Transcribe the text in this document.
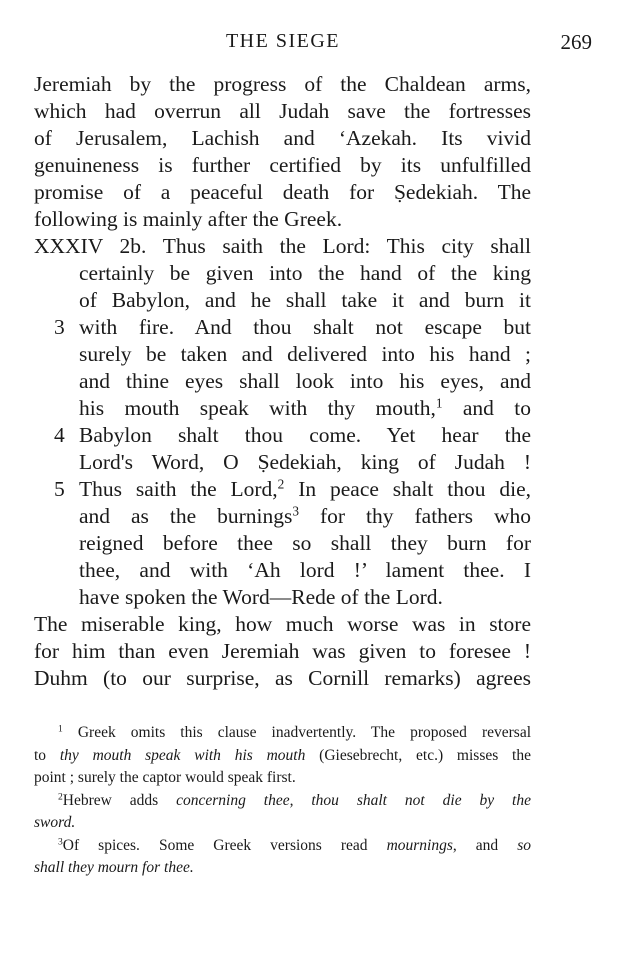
THE SIEGE	269
Jeremiah by the progress of the Chaldean arms,
which had overrun all Judah save the fortresses
of Jerusalem, Lachish and ‘Azekah. Its vivid
genuineness is further certified by its unfulfilled
promise of a peaceful death for Ṣedekiah. The
following is mainly after the Greek.
XXXIV 2b. Thus saith the Lord: This city shall
certainly be given into the hand of the king
of Babylon, and he shall take it and burn it
3 with fire. And thou shalt not escape but
surely be taken and delivered into his hand ;
and thine eyes shall look into his eyes, and
his mouth speak with thy mouth,$^1$ and to
4 Babylon shalt thou come. Yet hear the
Lord's Word, O Ṣedekiah, king of Judah !
5 Thus saith the Lord,$^2$ In peace shalt thou die,
and as the burnings$^3$ for thy fathers who
reigned before thee so shall they burn for
thee, and with ‘Ah lord !’ lament thee. I
have spoken the Word—Rede of the Lord.
The miserable king, how much worse was in store
for him than even Jeremiah was given to foresee !
Duhm (to our surprise, as Cornill remarks) agrees
$^1$ Greek omits this clause inadvertently. The proposed reversal
to thy mouth speak with his mouth (Giesebrecht, etc.) misses the
point ; surely the captor would speak first.
$^2$Hebrew adds concerning thee, thou shalt not die by the
sword.
$^3$Of spices. Some Greek versions read mournings, and so
shall they mourn for thee.
